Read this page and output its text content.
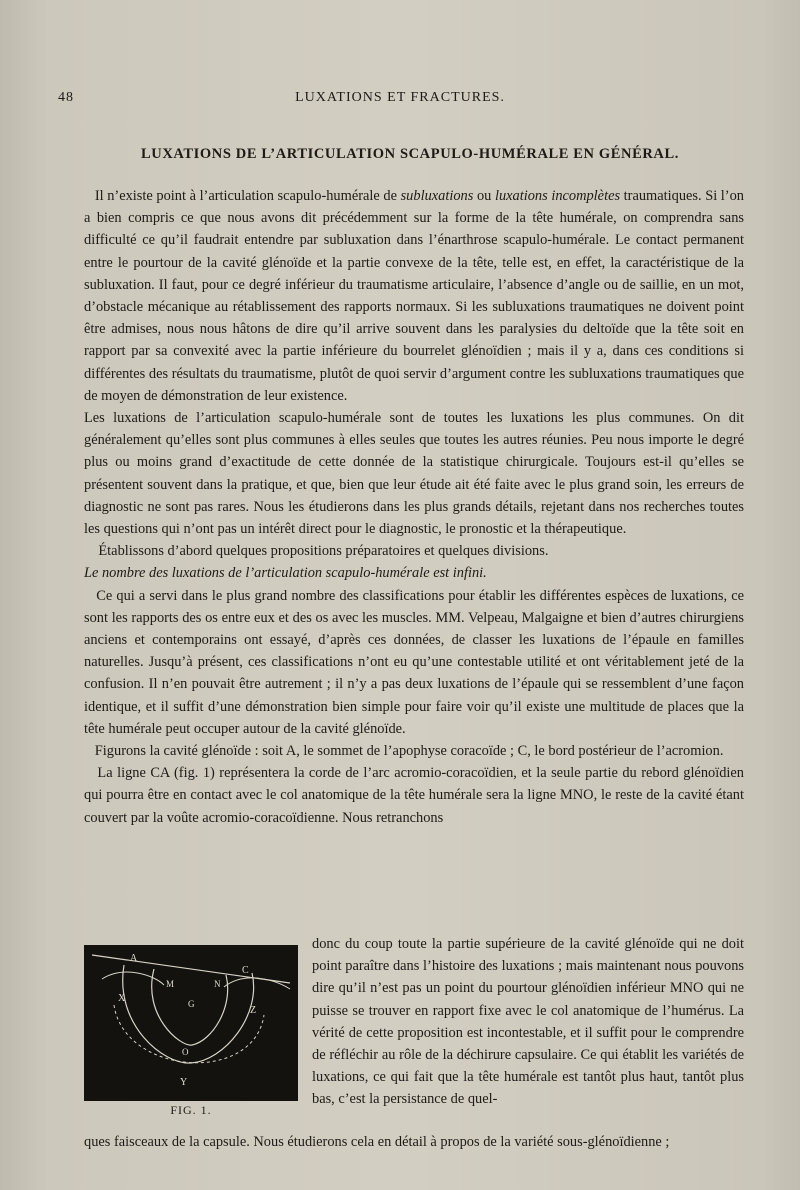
48	LUXATIONS ET FRACTURES.
LUXATIONS DE L’ARTICULATION SCAPULO-HUMÉRALE EN GÉNÉRAL.

Il n’existe point à l’articulation scapulo-humérale de subluxations ou luxations incomplètes traumatiques. Si l’on a bien compris ce que nous avons dit précédemment sur la forme de la tête humérale, on comprendra sans difficulté ce qu’il faudrait entendre par subluxation dans l’énarthrose scapulo-humérale. Le contact permanent entre le pourtour de la cavité glénoïde et la partie convexe de la tête, telle est, en effet, la caractéristique de la subluxation. Il faut, pour ce degré inférieur du traumatisme articulaire, l’absence d’angle ou de saillie, en un mot, d’obstacle mécanique au rétablissement des rapports normaux. Si les subluxations traumatiques ne doivent point être admises, nous nous hâtons de dire qu’il arrive souvent dans les paralysies du deltoïde que la tête soit en rapport par sa convexité avec la partie inférieure du bourrelet glénoïdien ; mais il y a, dans ces conditions si différentes des résultats du traumatisme, plutôt de quoi servir d’argument contre les subluxations traumatiques que de moyen de démonstration de leur existence.

Les luxations de l’articulation scapulo-humérale sont de toutes les luxations les plus communes. On dit généralement qu’elles sont plus communes à elles seules que toutes les autres réunies. Peu nous importe le degré plus ou moins grand d’exactitude de cette donnée de la statistique chirurgicale. Toujours est-il qu’elles se présentent souvent dans la pratique, et que, bien que leur étude ait été faite avec le plus grand soin, les erreurs de diagnostic ne sont pas rares. Nous les étudierons dans les plus grands détails, rejetant dans nos recherches toutes les questions qui n’ont pas un intérêt direct pour le diagnostic, le pronostic et la thérapeutique.

Établissons d’abord quelques propositions préparatoires et quelques divisions.

Le nombre des luxations de l’articulation scapulo-humérale est infini.

Ce qui a servi dans le plus grand nombre des classifications pour établir les différentes espèces de luxations, ce sont les rapports des os entre eux et des os avec les muscles. MM. Velpeau, Malgaigne et bien d’autres chirurgiens anciens et contemporains ont essayé, d’après ces données, de classer les luxations de l’épaule en familles naturelles. Jusqu’à présent, ces classifications n’ont eu qu’une contestable utilité et ont véritablement jeté de la confusion. Il n’en pouvait être autrement ; il n’y a pas deux luxations de l’épaule qui se ressemblent d’une façon identique, et il suffit d’une démonstration bien simple pour faire voir qu’il existe une multitude de places que la tête humérale peut occuper autour de la cavité glénoïde.

Figurons la cavité glénoïde : soit A, le sommet de l’apophyse coracoïde ; C, le bord postérieur de l’acromion.

La ligne CA (fig. 1) représentera la corde de l’arc acromio-coracoïdien, et la seule partie du rebord glénoïdien qui pourra être en contact avec le col anatomique de la tête humérale sera la ligne MNO, le reste de la cavité étant couvert par la voûte acromio-coracoïdienne. Nous retranchons

A
C
M	N
G
X
Z
O
Y
FIG. 1.
donc du coup toute la partie supérieure de la cavité glénoïde qui ne doit point paraître dans l’histoire des luxations ; mais maintenant nous pouvons dire qu’il n’est pas un point du pourtour glénoïdien inférieur MNO qui ne puisse se trouver en rapport fixe avec le col anatomique de l’humérus. La vérité de cette proposition est incontestable, et il suffit pour le comprendre de réfléchir au rôle de la déchirure capsulaire. Ce qui établit les variétés de luxations, ce qui fait que la tête humérale est tantôt plus haut, tantôt plus bas, c’est la persistance de quel-
ques faisceaux de la capsule. Nous étudierons cela en détail à propos de la variété sous-glénoïdienne ;
